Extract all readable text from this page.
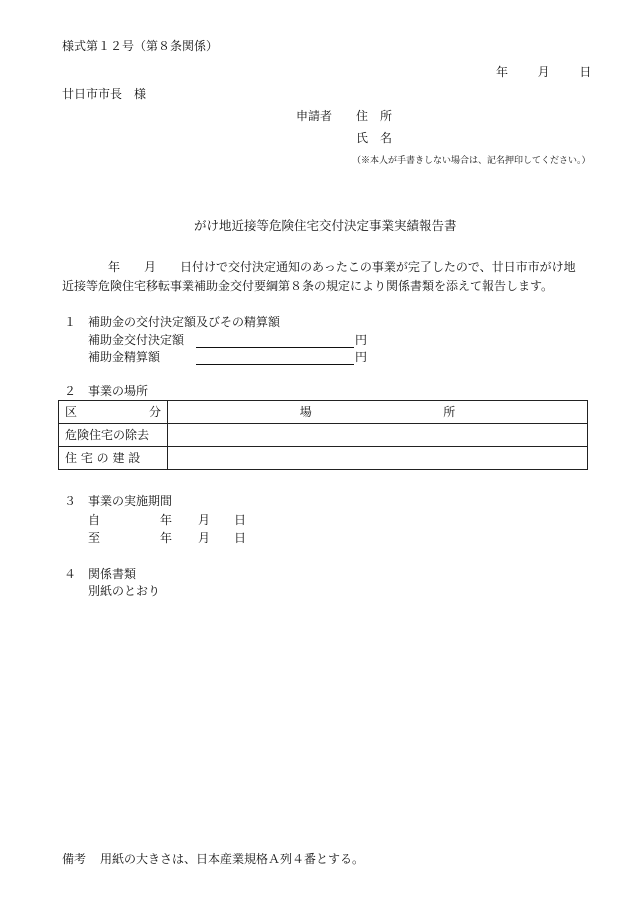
様式第１２号（第８条関係）
年 月 日
廿日市市長　様
申請者 住　所
氏　名
（※本人が手書きしない場合は、記名押印してください。）
がけ地近接等危険住宅交付決定事業実績報告書
年 月 日付けで交付決定通知のあったこの事業が完了したので、廿日市市がけ地
近接等危険住宅移転事業補助金交付要綱第８条の規定により関係書類を添えて報告します。
１　補助金の交付決定額及びその精算額
補助金交付決定額	円
補助金精算額	円
２　事業の場所
区 分	場 所

危険住宅の除去	
住 宅 の 建 設	
３　事業の実施期間
自	年 月 日
至	年 月 日
４　関係書類
別紙のとおり
備考 用紙の大きさは、日本産業規格Ａ列４番とする。
